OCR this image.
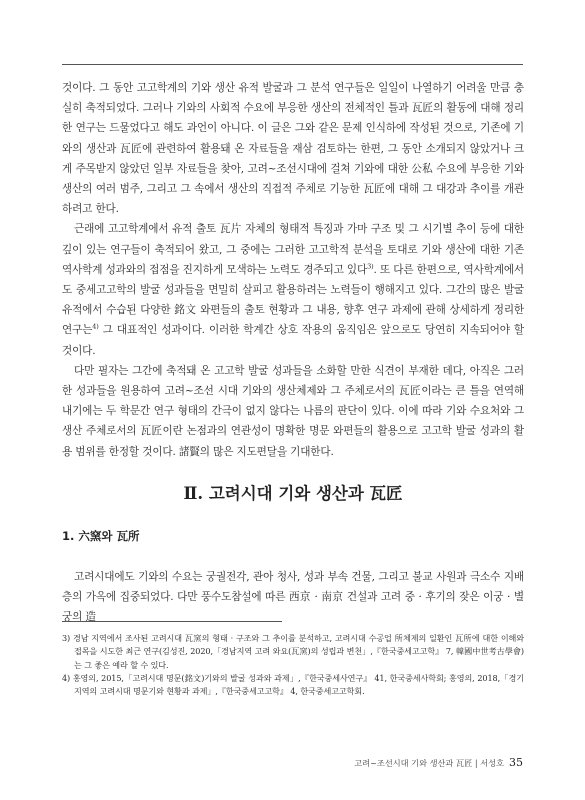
것이다. 그 동안 고고학계의 기와 생산 유적 발굴과 그 분석 연구들은 일일이 나열하기 어려울 만큼 충실히 축적되었다. 그러나 기와의 사회적 수요에 부응한 생산의 전체적인 틀과 瓦匠의 활동에 대해 정리한 연구는 드물었다고 해도 과언이 아니다. 이 글은 그와 같은 문제 인식하에 작성된 것으로, 기존에 기와의 생산과 瓦匠에 관련하여 활용돼 온 자료들을 재삼 검토하는 한편, 그 동안 소개되지 않았거나 크게 주목받지 않았던 일부 자료들을 찾아, 고려~조선시대에 걸쳐 기와에 대한 公私 수요에 부응한 기와 생산의 여러 범주, 그리고 그 속에서 생산의 직접적 주체로 기능한 瓦匠에 대해 그 대강과 추이를 개관하려고 한다.

근래에 고고학계에서 유적 출토 瓦片 자체의 형태적 특징과 가마 구조 및 그 시기별 추이 등에 대한 깊이 있는 연구들이 축적되어 왔고, 그 중에는 그러한 고고학적 분석을 토대로 기와 생산에 대한 기존 역사학계 성과와의 접점을 진지하게 모색하는 노력도 경주되고 있다$^{3)}$. 또 다른 한편으로, 역사학계에서도 중세고고학의 발굴 성과들을 면밀히 살피고 활용하려는 노력들이 행해지고 있다. 그간의 많은 발굴 유적에서 수습된 다양한 銘文 와편들의 출토 현황과 그 내용, 향후 연구 과제에 관해 상세하게 정리한 연구는$^{4)}$ 그 대표적인 성과이다. 이러한 학계간 상호 작용의 움직임은 앞으로도 당연히 지속되어야 할 것이다.

다만 필자는 그간에 축적돼 온 고고학 발굴 성과들을 소화할 만한 식견이 부재한 데다, 아직은 그러한 성과들을 원용하여 고려~조선 시대 기와의 생산체제와 그 주체로서의 瓦匠이라는 큰 틀을 연역해 내기에는 두 학문간 연구 형태의 간극이 없지 않다는 나름의 판단이 있다. 이에 따라 기와 수요처와 그 생산 주체로서의 瓦匠이란 논점과의 연관성이 명확한 명문 와편들의 활용으로 고고학 발굴 성과의 활용 범위를 한정할 것이다. 諸賢의 많은 지도편달을 기대한다.

Ⅱ. 고려시대 기와 생산과 瓦匠
1. 六窯와 瓦所

고려시대에도 기와의 수요는 궁궐전각, 관아 청사, 성과 부속 건물, 그리고 불교 사원과 극소수 지배층의 가옥에 집중되었다. 다만 풍수도참설에 따른 西京 · 南京 건설과 고려 중 · 후기의 잦은 이궁 · 별궁의 造

3) 경남 지역에서 조사된 고려시대 瓦窯의 형태 · 구조와 그 추이를 분석하고, 고려시대 수공업 所체제의 일환인 瓦所에 대한 이해와 접목을 시도한 최근 연구(김성진, 2020,「경남지역 고려 와요(瓦窯)의 성립과 변천」,『한국중세고고학』 7, 韓國中世考古學會)는 그 좋은 예라 할 수 있다.

4) 홍영의, 2015,「고려시대 명문(銘文)기와의 발굴 성과와 과제」,『한국중세사연구』 41, 한국중세사학회; 홍영의, 2018,「경기지역의 고려시대 명문기와 현황과 과제」,『한국중세고고학』 4, 한국중세고고학회.

고려~조선시대 기와 생산과 瓦匠 | 서성호 35
